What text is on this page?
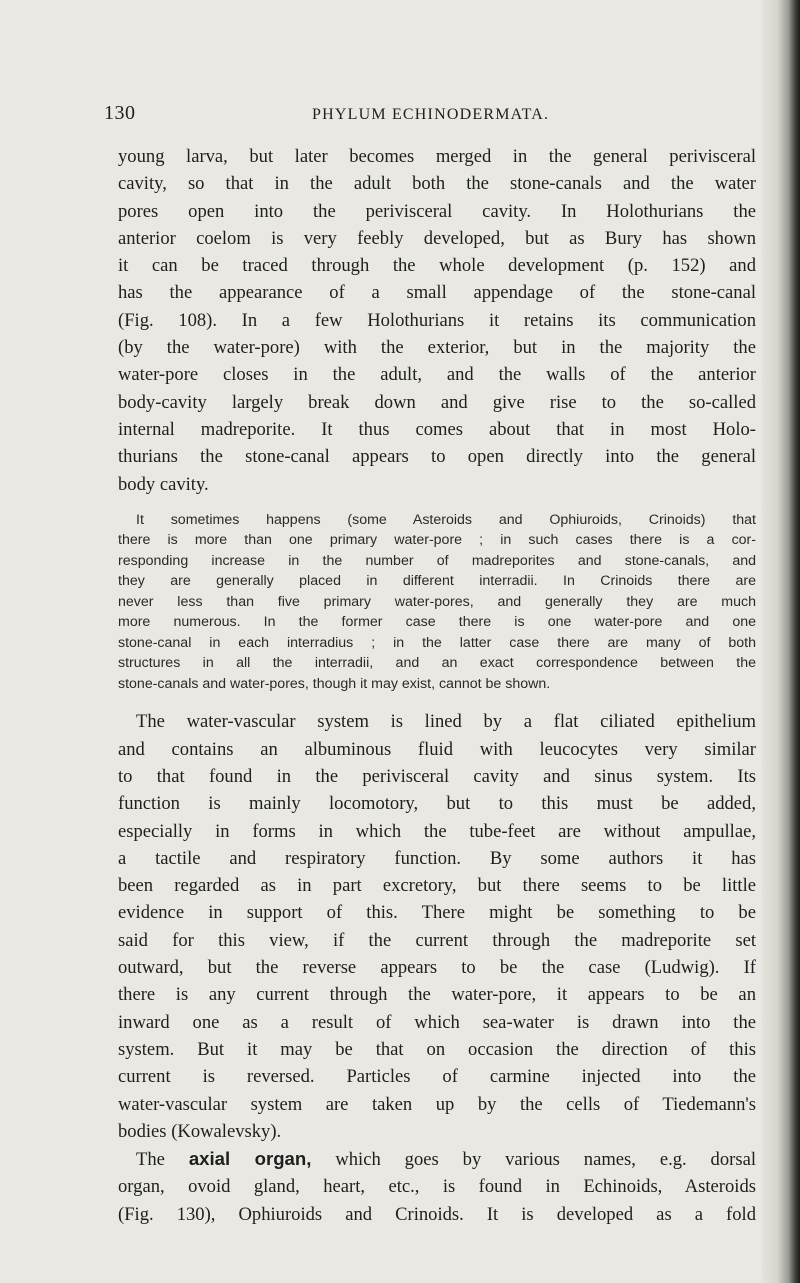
130	PHYLUM ECHINODERMATA.
young larva, but later becomes merged in the general perivisceral
cavity, so that in the adult both the stone-canals and the water
pores open into the perivisceral cavity. In Holothurians the
anterior coelom is very feebly developed, but as Bury has shown
it can be traced through the whole development (p. 152) and
has the appearance of a small appendage of the stone-canal
(Fig. 108). In a few Holothurians it retains its communication
(by the water-pore) with the exterior, but in the majority the
water-pore closes in the adult, and the walls of the anterior
body-cavity largely break down and give rise to the so-called
internal madreporite. It thus comes about that in most Holo-
thurians the stone-canal appears to open directly into the general
body cavity.
It sometimes happens (some Asteroids and Ophiuroids, Crinoids) that
there is more than one primary water-pore ; in such cases there is a cor-
responding increase in the number of madreporites and stone-canals, and
they are generally placed in different interradii. In Crinoids there are
never less than five primary water-pores, and generally they are much
more numerous. In the former case there is one water-pore and one
stone-canal in each interradius ; in the latter case there are many of both
structures in all the interradii, and an exact correspondence between the
stone-canals and water-pores, though it may exist, cannot be shown.
The water-vascular system is lined by a flat ciliated epithelium
and contains an albuminous fluid with leucocytes very similar
to that found in the perivisceral cavity and sinus system. Its
function is mainly locomotory, but to this must be added,
especially in forms in which the tube-feet are without ampullae,
a tactile and respiratory function. By some authors it has
been regarded as in part excretory, but there seems to be little
evidence in support of this. There might be something to be
said for this view, if the current through the madreporite set
outward, but the reverse appears to be the case (Ludwig). If
there is any current through the water-pore, it appears to be an
inward one as a result of which sea-water is drawn into the
system. But it may be that on occasion the direction of this
current is reversed. Particles of carmine injected into the
water-vascular system are taken up by the cells of Tiedemann's
bodies (Kowalevsky).
The axial organ, which goes by various names, e.g. dorsal
organ, ovoid gland, heart, etc., is found in Echinoids, Asteroids
(Fig. 130), Ophiuroids and Crinoids. It is developed as a fold
